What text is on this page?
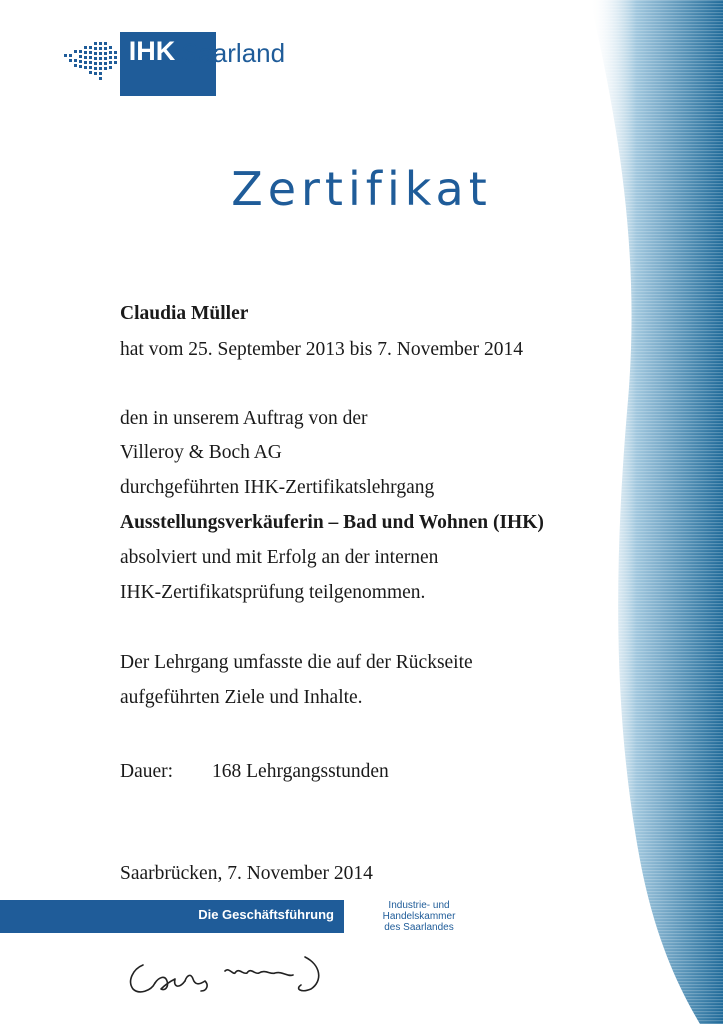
IHK Saarland
Zertifikat
Claudia Müller
hat vom 25. September 2013 bis 7. November 2014
den in unserem Auftrag von der
Villeroy & Boch AG
durchgeführten IHK-Zertifikatslehrgang
Ausstellungsverkäuferin – Bad und Wohnen (IHK)
absolviert und mit Erfolg an der internen
IHK-Zertifikatsprüfung teilgenommen.
Der Lehrgang umfasste die auf der Rückseite
aufgeführten Ziele und Inhalte.
Dauer: 168 Lehrgangsstunden
Saarbrücken, 7. November 2014
Die Geschäftsführung
Industrie- und
Handelskammer
des Saarlandes
